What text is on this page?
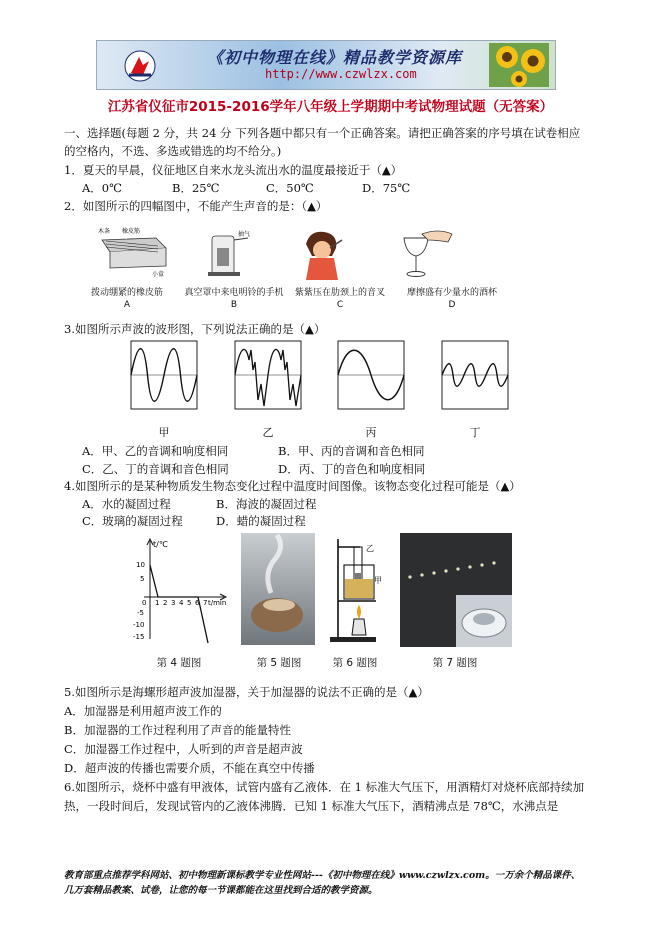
《初中物理在线》精品教学资源库
http://www.czwlzx.com
江苏省仪征市2015-2016学年八年级上学期期中考试物理试题（无答案）
一、选择题(每题 2 分，共 24 分 下列各题中都只有一个正确答案。请把正确答案的序号填在试卷相应
的空格内，不选、多选或错选的均不给分。)
1．夏天的早晨，仪征地区自来水龙头流出水的温度最接近于（▲）
A．0℃	B．25℃	C．50℃	D．75℃
2．如图所示的四幅图中，不能产生声音的是：（▲）
木条 橡皮筋
小盒
抽气
拨动绷紧的橡皮筋	真空罩中来电明铃的手机	紫紫压在肋颈上的音叉	摩擦盛有少量水的酒杯
A	B	C	D
3.如图所示声波的波形图，下列说法正确的是（▲）
甲	乙	丙	丁
A．甲、乙的音调和响度相同	B．甲、丙的音调和音色相同
C．乙、丁的音调和音色相同	D．丙、丁的音色和响度相同
4.如图所示的是某种物质发生物态变化过程中温度时间图像。该物态变化过程可能是（▲）
A．水的凝固过程	B．海波的凝固过程
C．玻璃的凝固过程	D．蜡的凝固过程
t/℃
t/min
10
5
0
-5
-10
-15
1 2 3 4 5 6 7
乙
甲
第 4 题图	第 5 题图	第 6 题图	第 7 题图
5.如图所示是海螺形超声波加湿器，关于加湿器的说法不正确的是（▲）
A．加湿器是利用超声波工作的
B．加湿器的工作过程利用了声音的能量特性
C．加湿器工作过程中，人听到的声音是超声波
D．超声波的传播也需要介质，不能在真空中传播
6.如图所示，烧杯中盛有甲液体，试管内盛有乙液体．在 1 标准大气压下，用酒精灯对烧杯底部持续加
热，一段时间后，发现试管内的乙液体沸腾．已知 1 标准大气压下，酒精沸点是 78℃，水沸点是
教育部重点推荐学科网站、初中物理新课标教学专业性网站---《初中物理在线》www.czwlzx.com。一万余个精品课件、
几万套精品教案、试卷，让您的每一节课都能在这里找到合适的教学资源。
